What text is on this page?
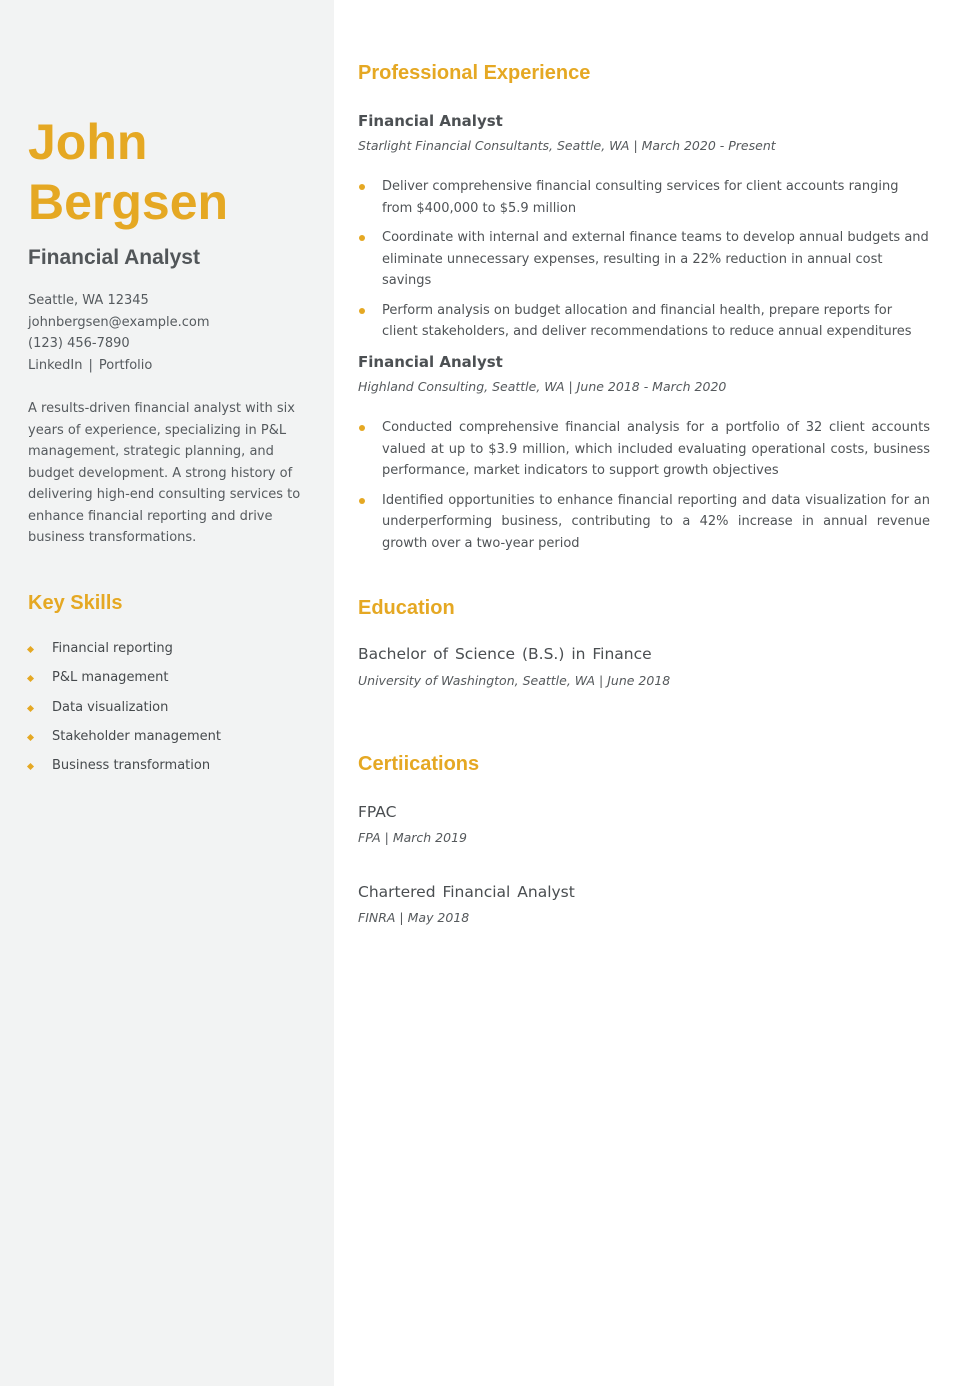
John
Bergsen
Financial Analyst
Seattle, WA 12345
johnbergsen@example.com
(123) 456-7890
LinkedIn | Portfolio

A results-driven financial analyst with six years of experience, specializing in P&L management, strategic planning, and budget development. A strong history of delivering high-end consulting services to enhance financial reporting and drive business transformations.

Key Skills
Financial reporting
P&L management
Data visualization
Stakeholder management
Business transformation
Professional Experience
Financial Analyst
Starlight Financial Consultants, Seattle, WA | March 2020 - Present
Deliver comprehensive financial consulting services for client accounts ranging from $400,000 to $5.9 million
Coordinate with internal and external finance teams to develop annual budgets and eliminate unnecessary expenses, resulting in a 22% reduction in annual cost savings
Perform analysis on budget allocation and financial health, prepare reports for client stakeholders, and deliver recommendations to reduce annual expenditures
Financial Analyst
Highland Consulting, Seattle, WA | June 2018 - March 2020
Conducted comprehensive financial analysis for a portfolio of 32 client accounts valued at up to $3.9 million, which included evaluating operational costs, business performance, market indicators to support growth objectives
Identified opportunities to enhance financial reporting and data visualization for an underperforming business, contributing to a 42% increase in annual revenue growth over a two-year period
Education
Bachelor of Science (B.S.) in Finance
University of Washington, Seattle, WA | June 2018
Certiications
FPAC
FPA | March 2019
Chartered Financial Analyst
FINRA | May 2018
